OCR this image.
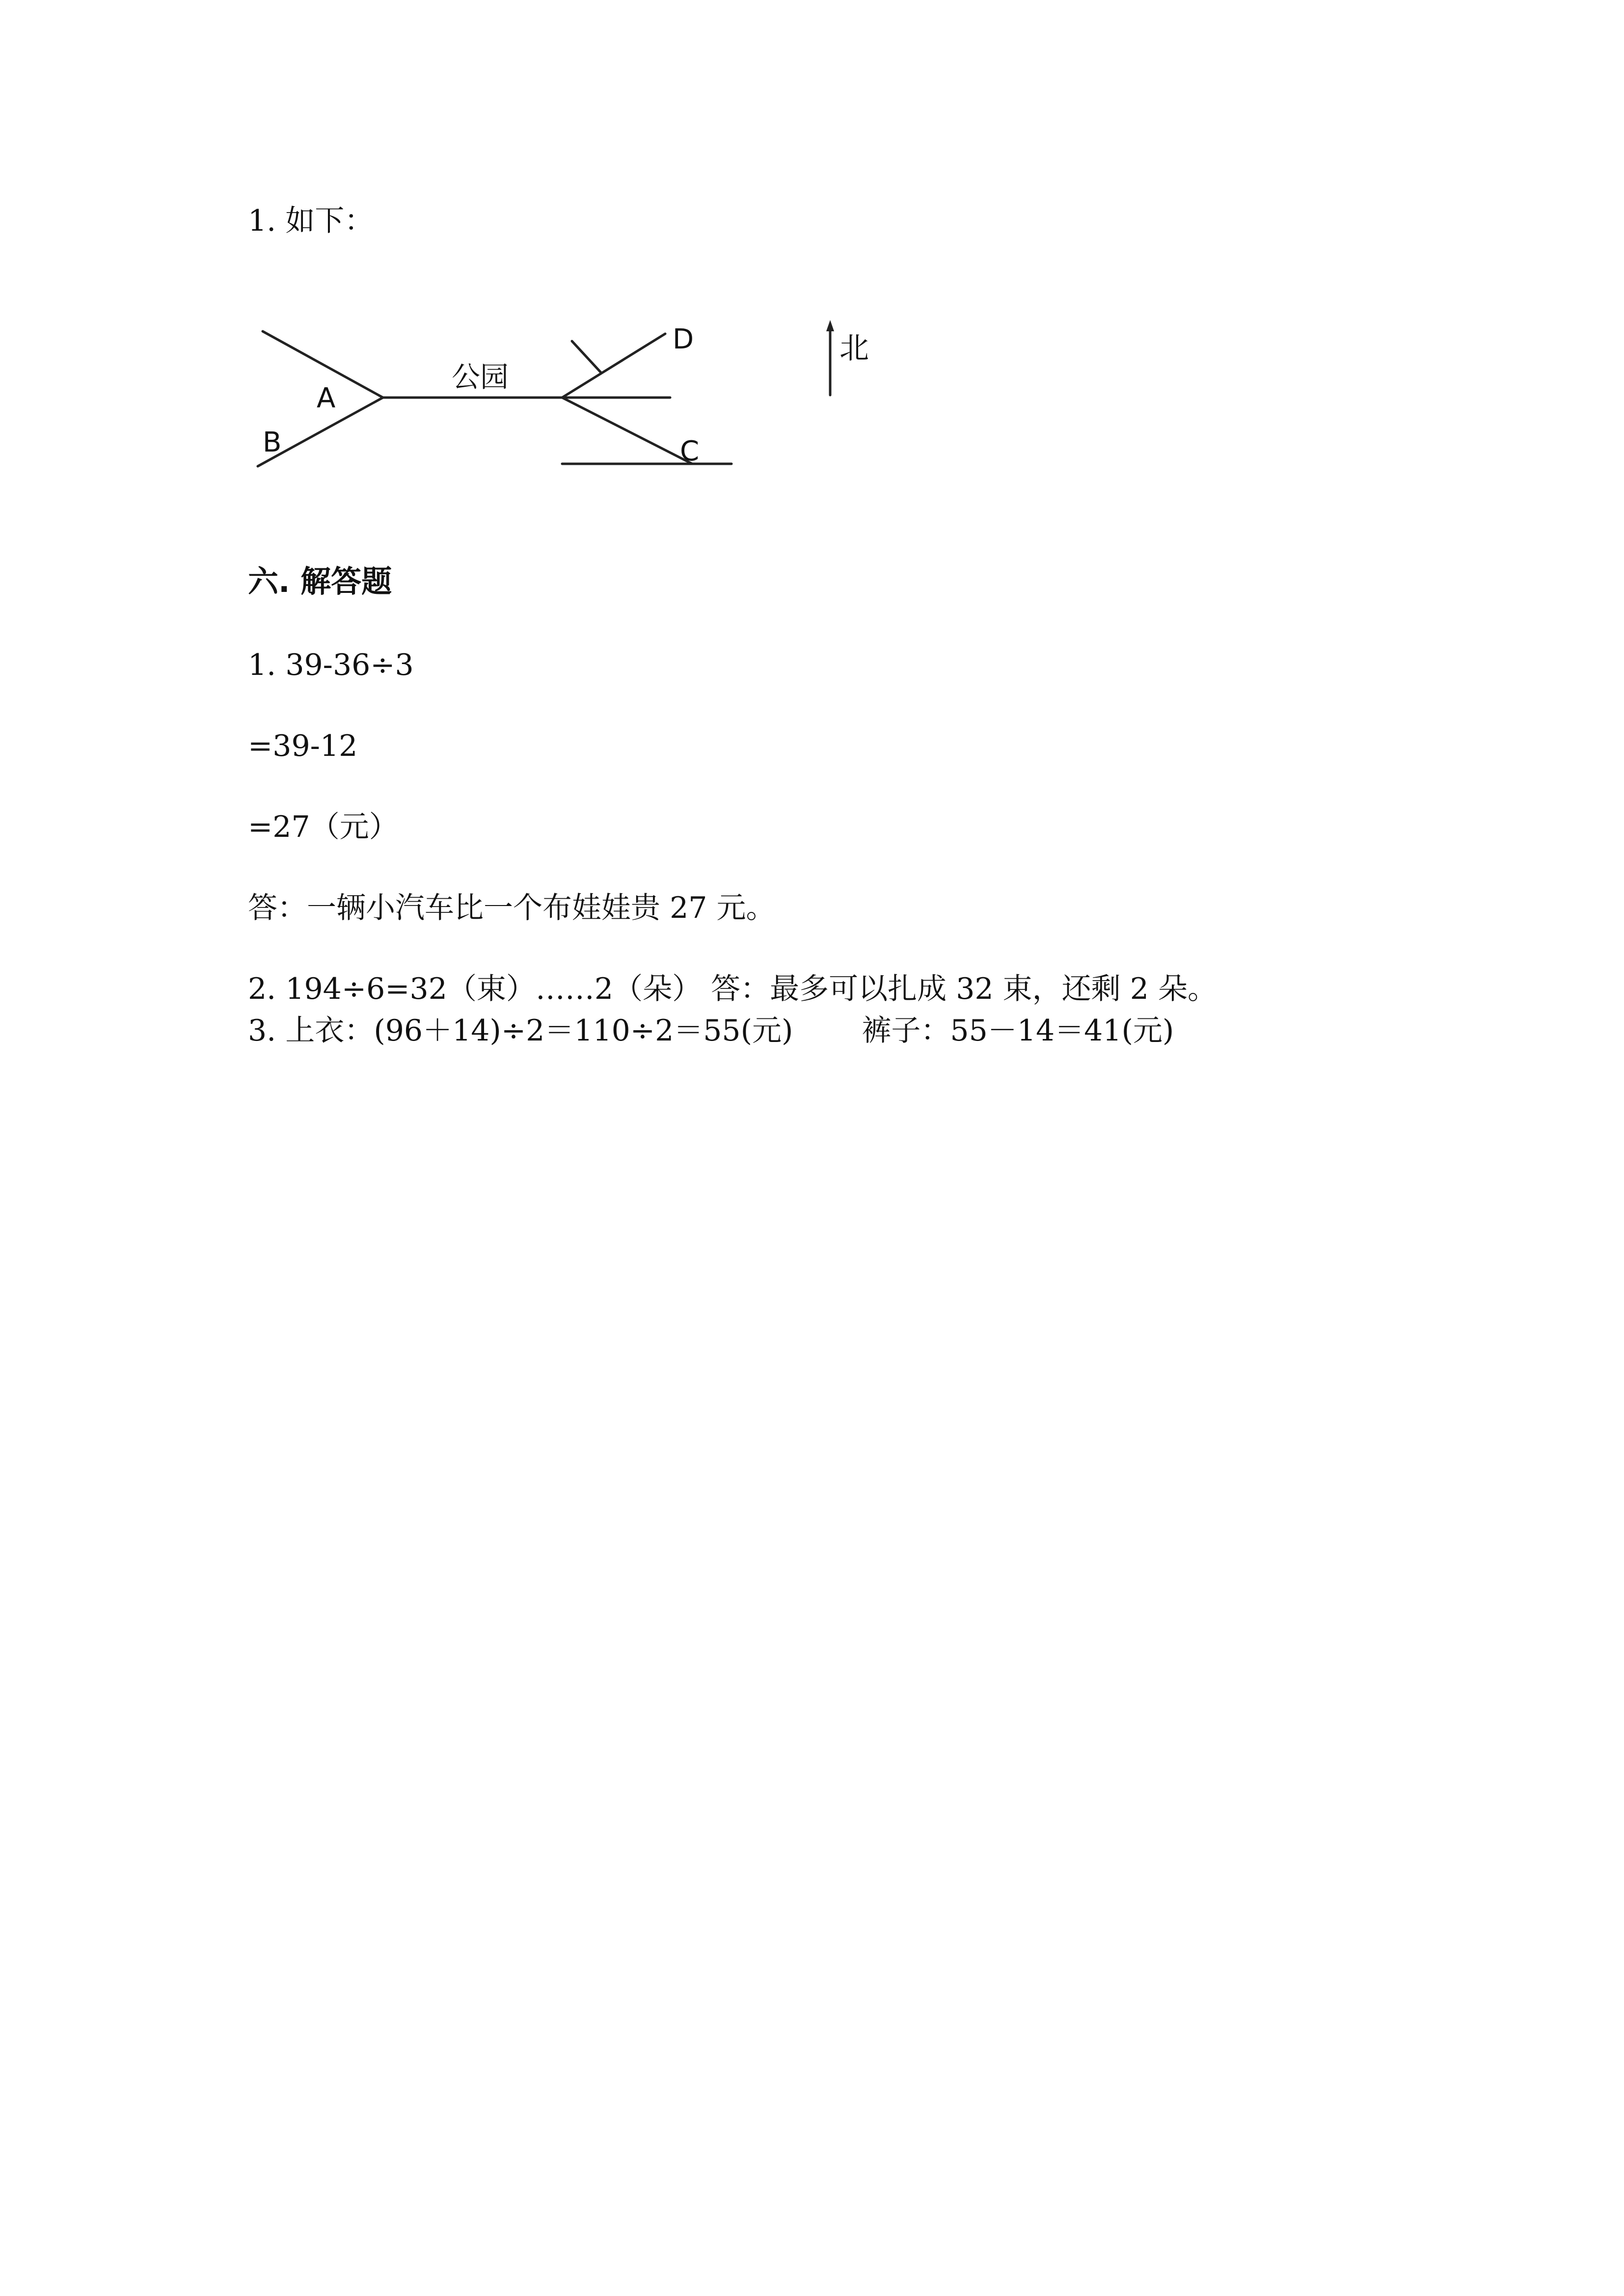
1. 如下：

D
A
B	C
公园
北

六. 解答题

1. 39-36÷3

=39-12

=27（元）

答：一辆小汽车比一个布娃娃贵 27 元。

2. 194÷6=32（束）……2（朵） 答：最多可以扎成 32 束，还剩 2 朵。

3. 上衣：(96＋14)÷2＝110÷2＝55(元) 裤子：55－14＝41(元)
